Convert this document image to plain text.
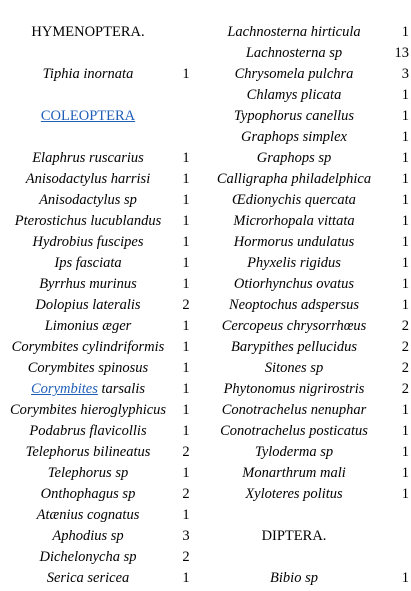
HYMENOPTERA.
Tiphia inornata	1
COLEOPTERA
Elaphrus ruscarius	1
Anisodactylus harrisi	1
Anisodactylus sp	1
Pterostichus lucublandus	1
Hydrobius fuscipes	1
Ips fasciata	1
Byrrhus murinus	1
Dolopius lateralis	2
Limonius æger	1
Corymbites cylindriformis	1
Corymbites spinosus	1
Corymbites tarsalis	1
Corymbites hieroglyphicus	1
Podabrus flavicollis	1
Telephorus bilineatus	2
Telephorus sp	1
Onthophagus sp	2
Atænius cognatus	1
Aphodius sp	3
Dichelonycha sp	2
Serica sericea	1
Lachnosterna hirticula	1
Lachnosterna sp	13
Chrysomela pulchra	3
Chlamys plicata	1
Typophorus canellus	1
Graphops simplex	1
Graphops sp	1
Calligrapha philadelphica	1
Œdionychis quercata	1
Microrhopala vittata	1
Hormorus undulatus	1
Phyxelis rigidus	1
Otiorhynchus ovatus	1
Neoptochus adspersus	1
Cercopeus chrysorrhœus	2
Barypithes pellucidus	2
Sitones sp	2
Phytonomus nigrirostris	2
Conotrachelus nenuphar	1
Conotrachelus posticatus	1
Tyloderma sp	1
Monarthrum mali	1
Xyloteres politus	1
DIPTERA.
Bibio sp	1
